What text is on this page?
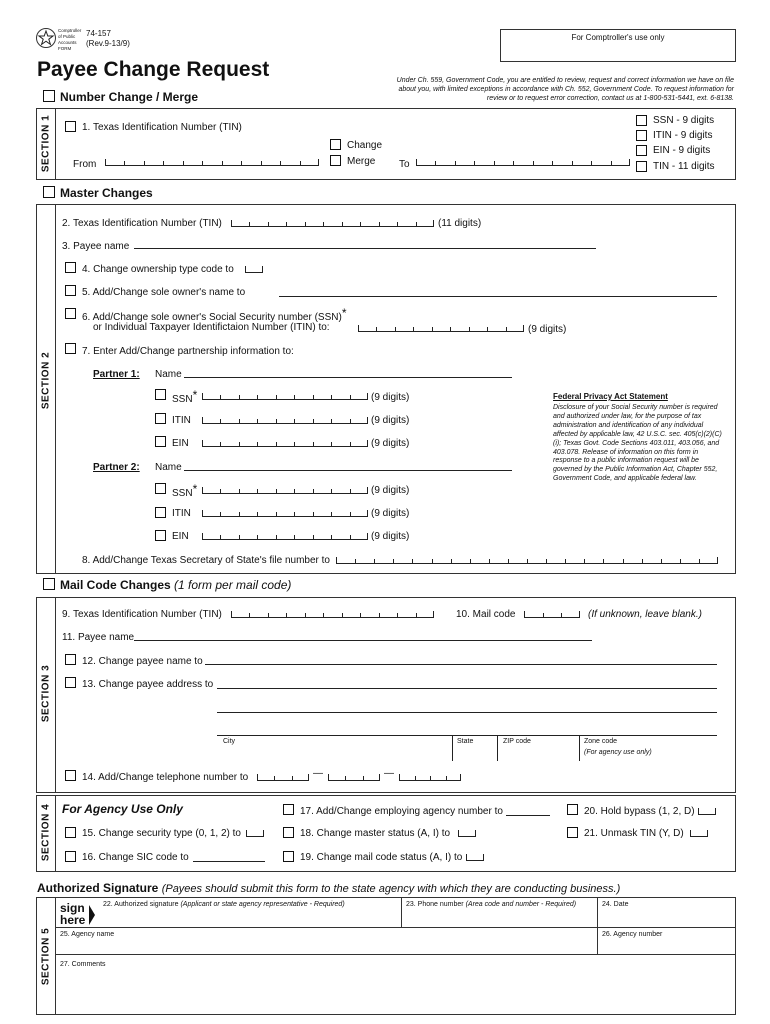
Comptroller of Public Accounts FORM
74-157
(Rev.9-13/9)
For Comptroller's use only
Payee Change Request	Under Ch. 559, Government Code, you are entitled to review, request and correct information we have on file about you, with limited exceptions in accordance with Ch. 552, Government Code. To request information for review or to request error correction, contact us at 1-800-531-5441, ext. 6-8138.
Number Change / Merge
SECTION 1	1. Texas Identification Number (TIN)
Change
Merge
From	To
SSN - 9 digits
ITIN - 9 digits
EIN - 9 digits
TIN - 11 digits
Master Changes
SECTION 2
2. Texas Identification Number (TIN)	(11 digits)
3. Payee name
4. Change ownership type code to
5. Add/Change sole owner's name to
6. Add/Change sole owner's Social Security number (SSN)*
or Individual Taxpayer Identifictaion Number (ITIN) to:	(9 digits)
7. Enter Add/Change partnership information to:
Partner 1: Name
SSN*	(9 digits)
ITIN	(9 digits)
EIN	(9 digits)
Partner 2: Name
SSN*	(9 digits)
ITIN	(9 digits)
EIN	(9 digits)
8. Add/Change Texas Secretary of State's file number to
Federal Privacy Act Statement
Disclosure of your Social Security number is required and authorized under law, for the purpose of tax administration and identification of any individual affected by applicable law, 42 U.S.C. sec. 405(c)(2)(C)(i); Texas Govt. Code Sections 403.011, 403.056, and 403.078. Release of information on this form in response to a public information request will be governed by the Public Information Act, Chapter 552, Government Code, and applicable federal law.
Mail Code Changes (1 form per mail code)
SECTION 3
9. Texas Identification Number (TIN)	10. Mail code	(If unknown, leave blank.)
11. Payee name
12. Change payee name to
13. Change payee address to
City	State	ZIP code	Zone code
(For agency use only)
14. Add/Change telephone number to	—	—
SECTION 4 For Agency Use Only
15. Change security type (0, 1, 2) to
16. Change SIC code to
17. Add/Change employing agency number to
18. Change master status (A, I) to
19. Change mail code status (A, I) to
20. Hold bypass (1, 2, D)
21. Unmask TIN (Y, D)
Authorized Signature (Payees should submit this form to the state agency with which they are conducting business.)
SECTION 5
sign
here
22. Authorized signature (Applicant or state agency representative - Required)	23. Phone number (Area code and number - Required)	24. Date
25. Agency name	26. Agency number
27. Comments
